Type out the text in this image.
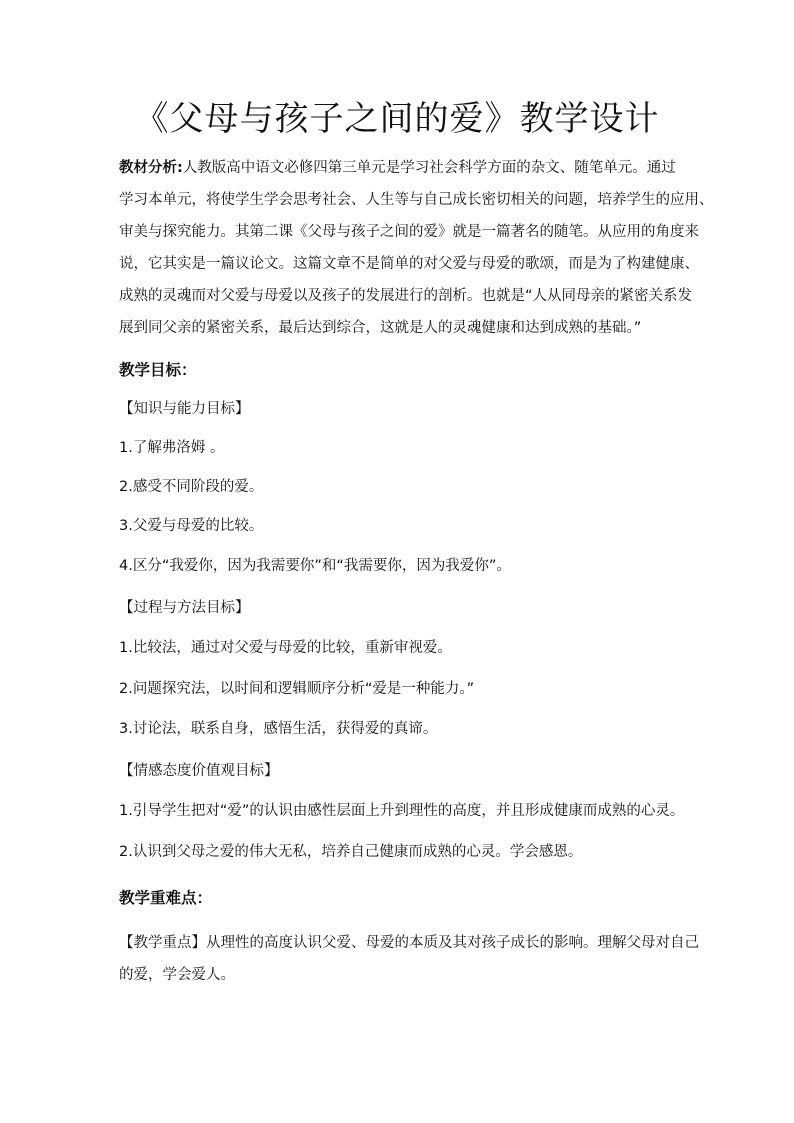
《父母与孩子之间的爱》教学设计

教材分析:人教版高中语文必修四第三单元是学习社会科学方面的杂文、随笔单元。通过

学习本单元，将使学生学会思考社会、人生等与自己成长密切相关的问题，培养学生的应用、

审美与探究能力。其第二课《父母与孩子之间的爱》就是一篇著名的随笔。从应用的角度来

说，它其实是一篇议论文。这篇文章不是简单的对父爱与母爱的歌颂，而是为了构建健康、

成熟的灵魂而对父爱与母爱以及孩子的发展进行的剖析。也就是“人从同母亲的紧密关系发

展到同父亲的紧密关系，最后达到综合，这就是人的灵魂健康和达到成熟的基础。”

教学目标：

【知识与能力目标】

1.了解弗洛姆 。

2.感受不同阶段的爱。

3.父爱与母爱的比较。

4.区分“我爱你，因为我需要你”和“我需要你，因为我爱你”。

【过程与方法目标】

1.比较法，通过对父爱与母爱的比较，重新审视爱。

2.问题探究法，以时间和逻辑顺序分析“爱是一种能力。”

3.讨论法，联系自身，感悟生活，获得爱的真谛。

【情感态度价值观目标】

1.引导学生把对“爱”的认识由感性层面上升到理性的高度，并且形成健康而成熟的心灵。

2.认识到父母之爱的伟大无私，培养自己健康而成熟的心灵。学会感恩。

教学重难点：

【教学重点】从理性的高度认识父爱、母爱的本质及其对孩子成长的影响。理解父母对自己

的爱，学会爱人。
